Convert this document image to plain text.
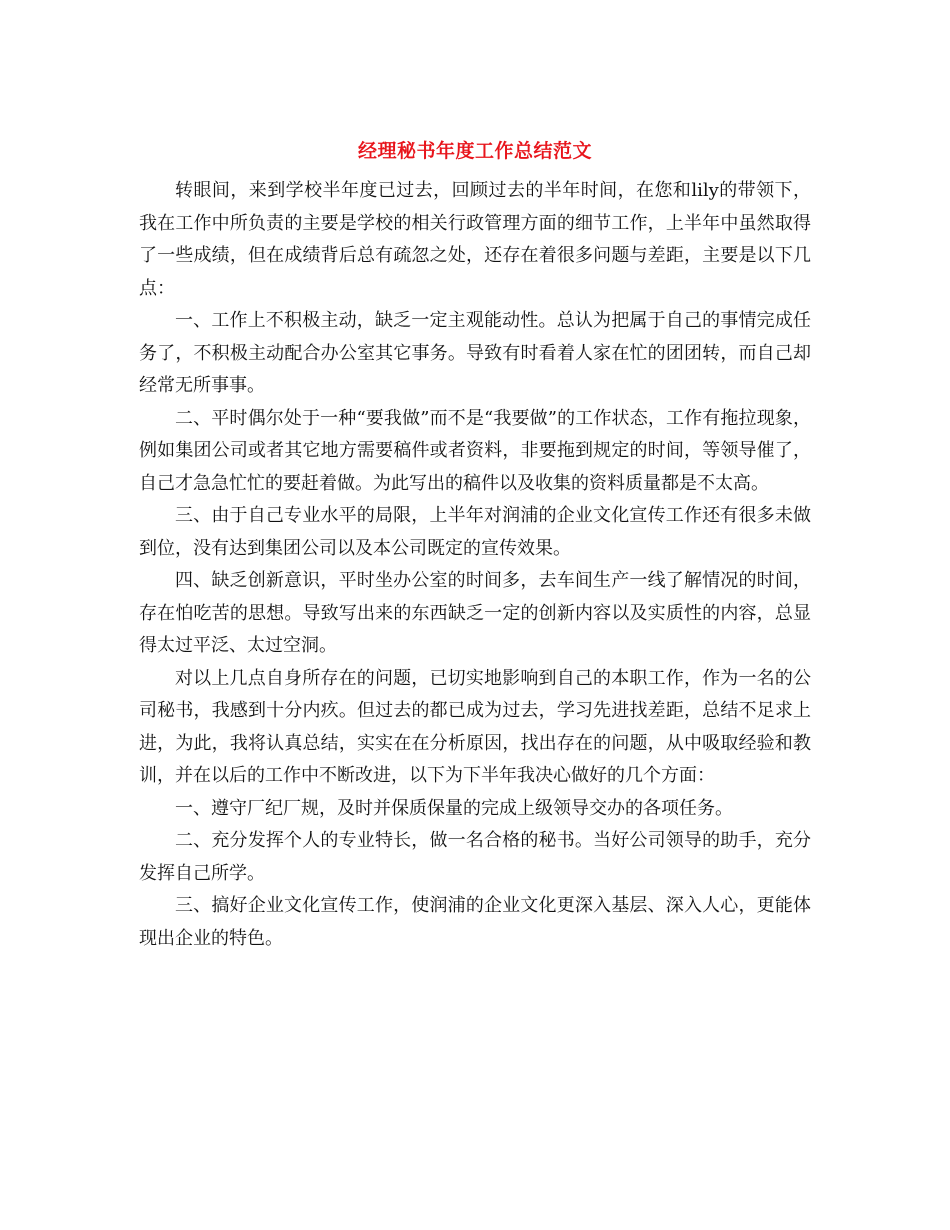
经理秘书年度工作总结范文

转眼间，来到学校半年度已过去，回顾过去的半年时间，在您和lily的带领下，我在工作中所负责的主要是学校的相关行政管理方面的细节工作，上半年中虽然取得了一些成绩，但在成绩背后总有疏忽之处，还存在着很多问题与差距，主要是以下几点：

一、工作上不积极主动，缺乏一定主观能动性。总认为把属于自己的事情完成任务了，不积极主动配合办公室其它事务。导致有时看着人家在忙的团团转，而自己却经常无所事事。

二、平时偶尔处于一种“要我做”而不是“我要做”的工作状态，工作有拖拉现象，例如集团公司或者其它地方需要稿件或者资料，非要拖到规定的时间，等领导催了，自己才急急忙忙的要赶着做。为此写出的稿件以及收集的资料质量都是不太高。

三、由于自己专业水平的局限，上半年对润浦的企业文化宣传工作还有很多未做到位，没有达到集团公司以及本公司既定的宣传效果。

四、缺乏创新意识，平时坐办公室的时间多，去车间生产一线了解情况的时间，存在怕吃苦的思想。导致写出来的东西缺乏一定的创新内容以及实质性的内容，总显得太过平泛、太过空洞。

对以上几点自身所存在的问题，已切实地影响到自己的本职工作，作为一名的公司秘书，我感到十分内疚。但过去的都已成为过去，学习先进找差距，总结不足求上进，为此，我将认真总结，实实在在分析原因，找出存在的问题，从中吸取经验和教训，并在以后的工作中不断改进，以下为下半年我决心做好的几个方面：

一、遵守厂纪厂规，及时并保质保量的完成上级领导交办的各项任务。

二、充分发挥个人的专业特长，做一名合格的秘书。当好公司领导的助手，充分发挥自己所学。

三、搞好企业文化宣传工作，使润浦的企业文化更深入基层、深入人心，更能体现出企业的特色。
